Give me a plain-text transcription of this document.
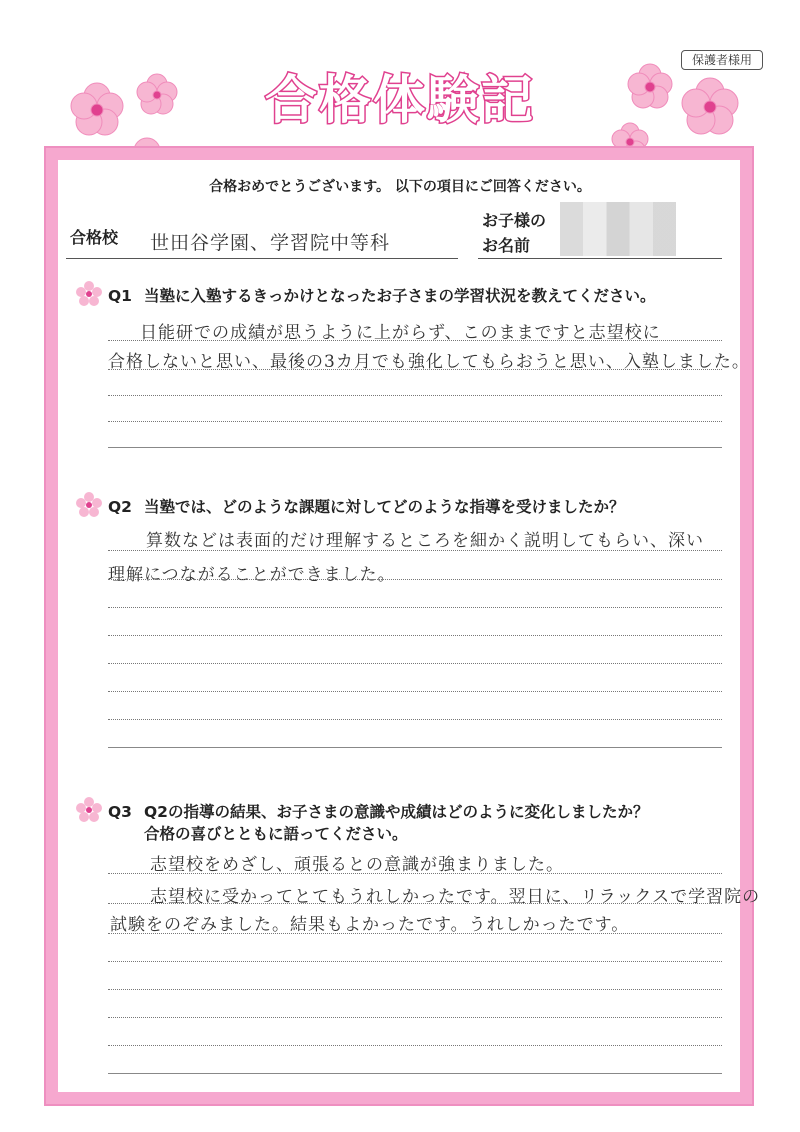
保護者様用
合格体験記
合格おめでとうございます。 以下の項目にご回答ください。
合格校 世田谷学園、学習院中等科
お子様の
お名前
Q1 当塾に入塾するきっかけとなったお子さまの学習状況を教えてください。
日能研での成績が思うように上がらず、このままですと志望校に
合格しないと思い、最後の3カ月でも強化してもらおうと思い、入塾しました。
Q2 当塾では、どのような課題に対してどのような指導を受けましたか？
算数などは表面的だけ理解するところを細かく説明してもらい、深い
理解につながることができました。
Q3 Q2の指導の結果、お子さまの意識や成績はどのように変化しましたか？
合格の喜びとともに語ってください。
志望校をめざし、頑張るとの意識が強まりました。
志望校に受かってとてもうれしかったです。翌日に、リラックスで学習院の
試験をのぞみました。結果もよかったです。うれしかったです。
